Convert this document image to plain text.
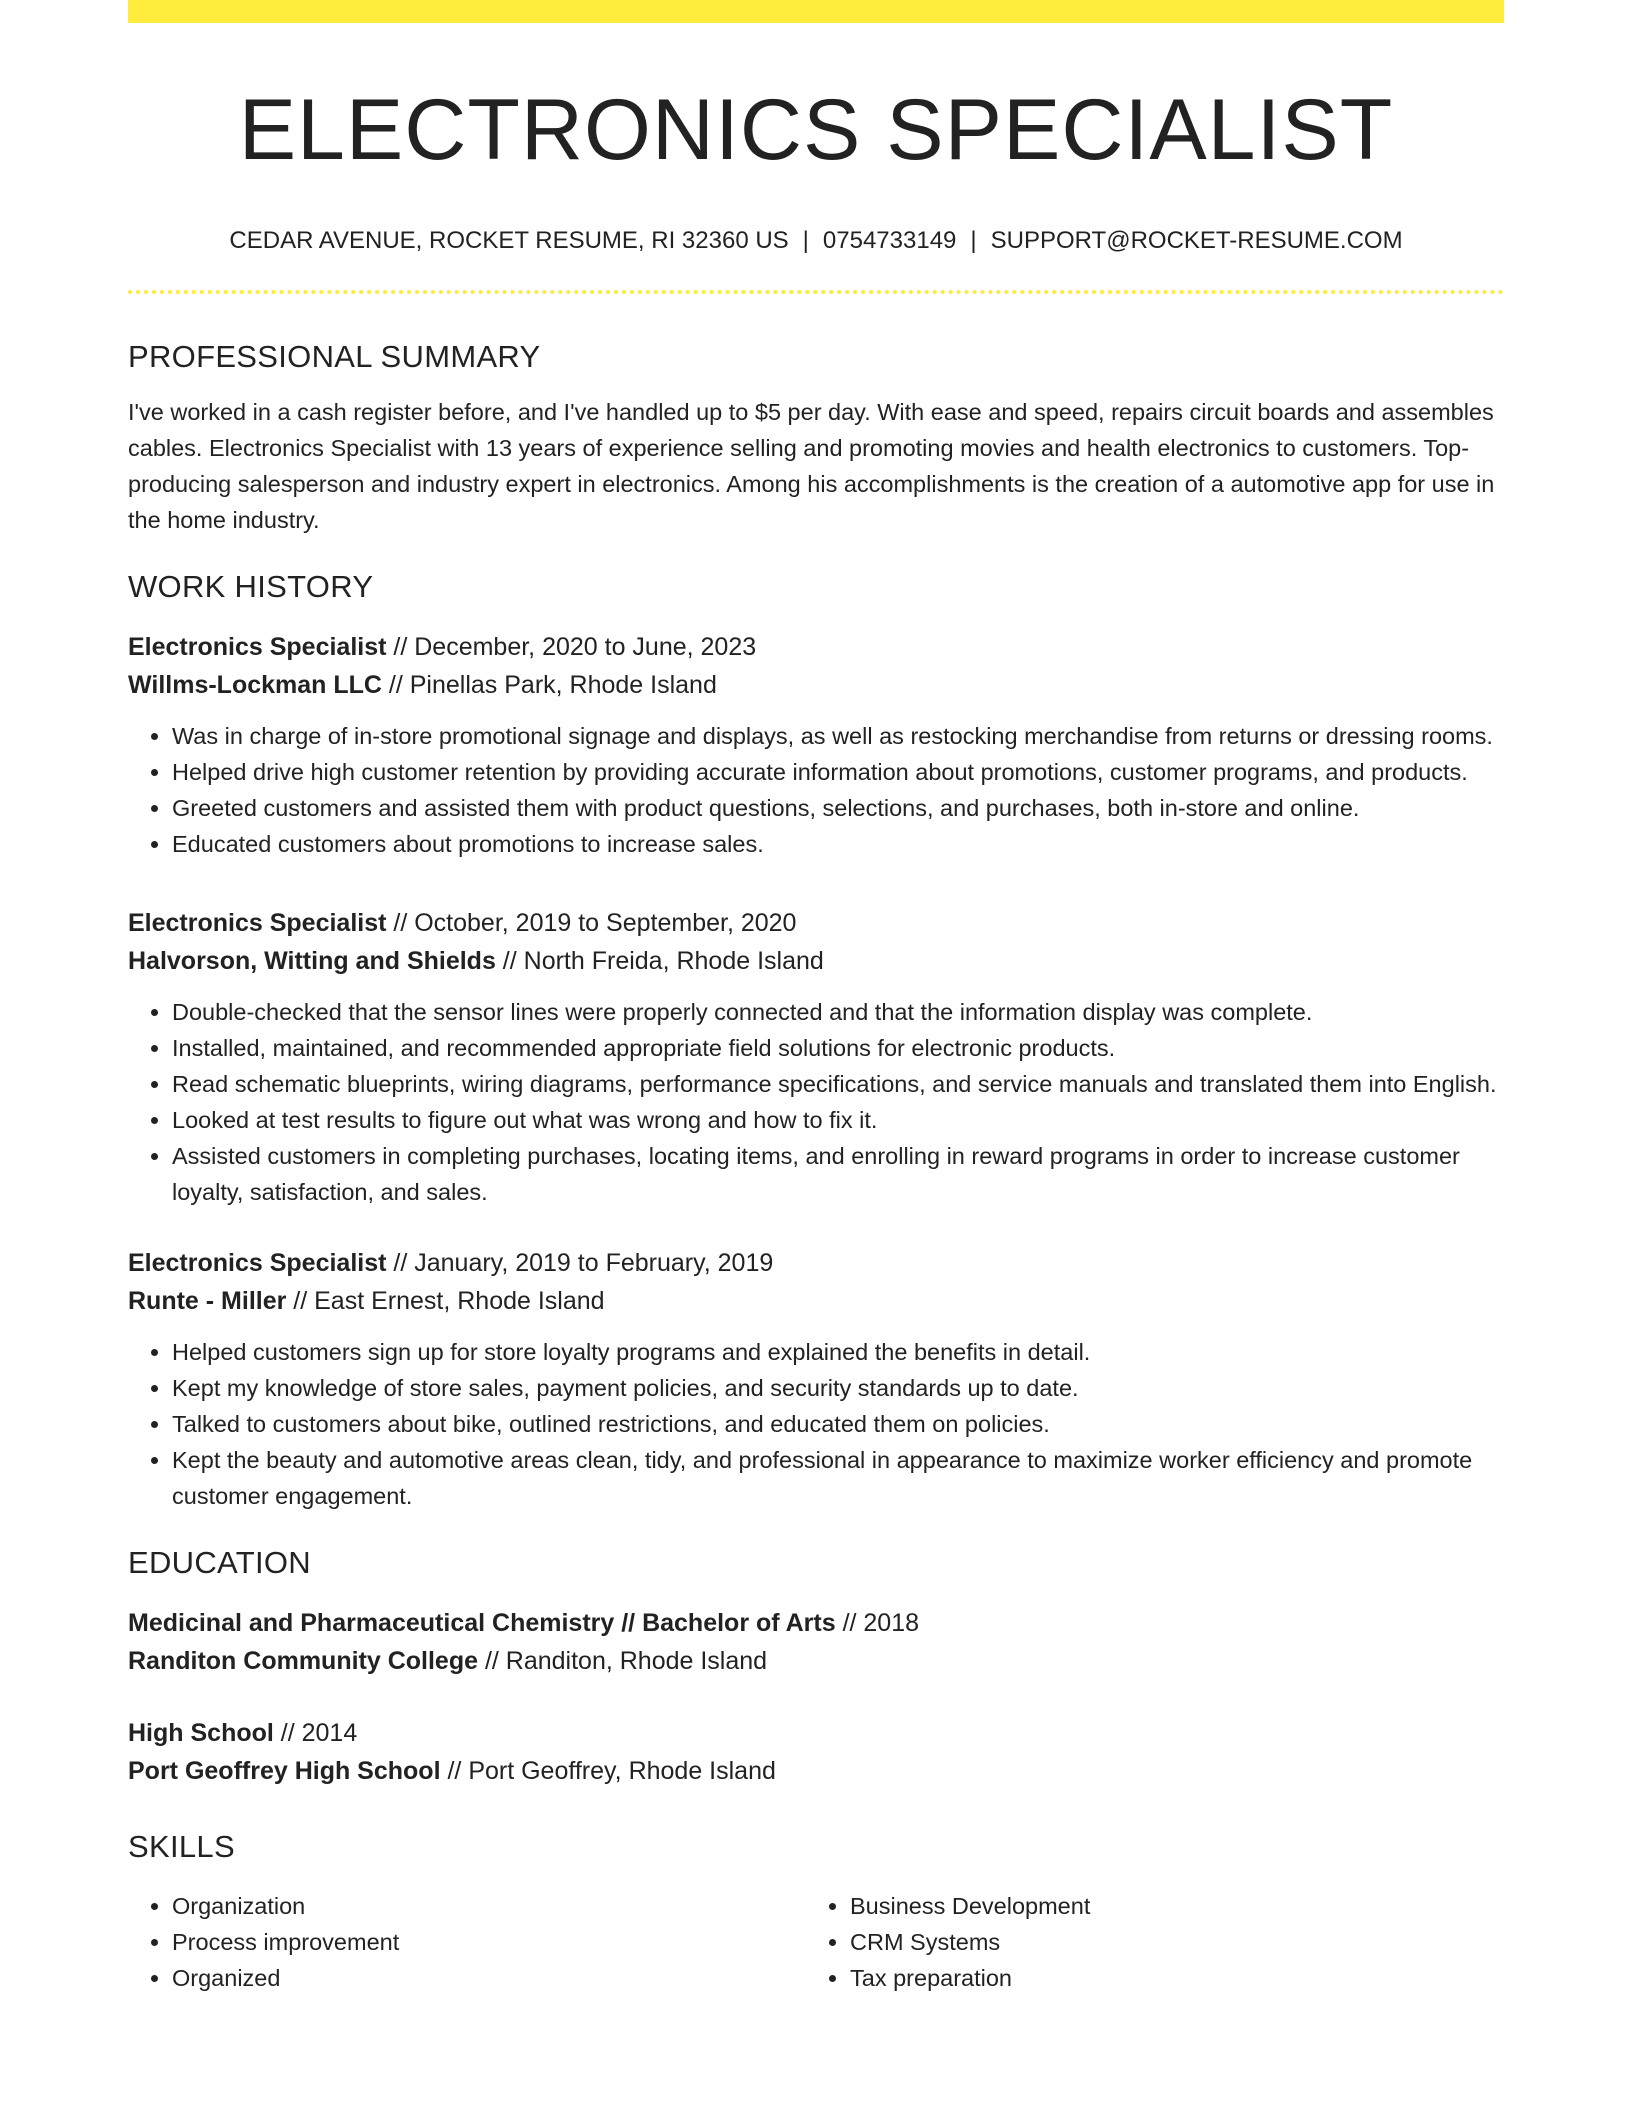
ELECTRONICS SPECIALIST
CEDAR AVENUE, ROCKET RESUME, RI 32360 US | 0754733149 | SUPPORT@ROCKET-RESUME.COM
PROFESSIONAL SUMMARY

I've worked in a cash register before, and I've handled up to $5 per day. With ease and speed, repairs circuit boards and assembles cables. Electronics Specialist with 13 years of experience selling and promoting movies and health electronics to customers. Top-producing salesperson and industry expert in electronics. Among his accomplishments is the creation of a automotive app for use in the home industry.

WORK HISTORY
Electronics Specialist // December, 2020 to June, 2023
Willms-Lockman LLC // Pinellas Park, Rhode Island
• Was in charge of in-store promotional signage and displays, as well as restocking merchandise from returns or dressing rooms.
• Helped drive high customer retention by providing accurate information about promotions, customer programs, and products.
• Greeted customers and assisted them with product questions, selections, and purchases, both in-store and online.
• Educated customers about promotions to increase sales.
Electronics Specialist // October, 2019 to September, 2020
Halvorson, Witting and Shields // North Freida, Rhode Island
• Double-checked that the sensor lines were properly connected and that the information display was complete.
• Installed, maintained, and recommended appropriate field solutions for electronic products.
• Read schematic blueprints, wiring diagrams, performance specifications, and service manuals and translated them into English.
• Looked at test results to figure out what was wrong and how to fix it.
• Assisted customers in completing purchases, locating items, and enrolling in reward programs in order to increase customer loyalty, satisfaction, and sales.
Electronics Specialist // January, 2019 to February, 2019
Runte - Miller // East Ernest, Rhode Island
• Helped customers sign up for store loyalty programs and explained the benefits in detail.
• Kept my knowledge of store sales, payment policies, and security standards up to date.
• Talked to customers about bike, outlined restrictions, and educated them on policies.
• Kept the beauty and automotive areas clean, tidy, and professional in appearance to maximize worker efficiency and promote customer engagement.
EDUCATION
Medicinal and Pharmaceutical Chemistry // Bachelor of Arts // 2018
Randiton Community College // Randiton, Rhode Island
High School // 2014
Port Geoffrey High School // Port Geoffrey, Rhode Island
SKILLS
• Organization
• Process improvement
• Organized
• Business Development
• CRM Systems
• Tax preparation
